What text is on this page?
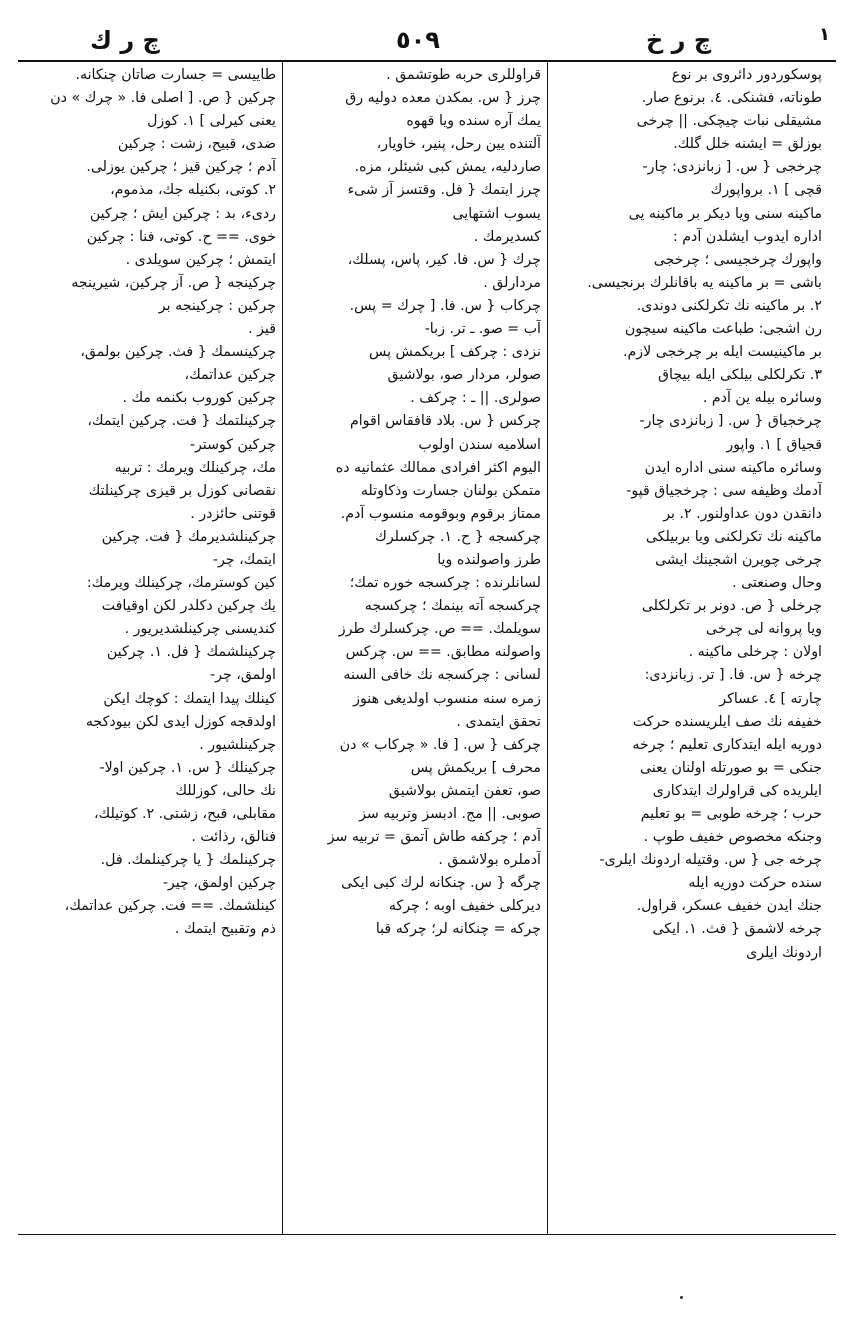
چ ر ك	٥٠٩	چ ر خ	١
پوسکوردور دائروی بر نوع
طوناته، فشنکی. ٤. برنوع صار.
مشیقلی نبات چیچکی. || چرخی
بوزلق = ایشنه خلل گلك.
چرخجی { س. [ زبانزدی: چار-
قچی ] ١. برواپورك
ماکینه سنی ویا دیکر بر ماکینه یی
اداره ایدوب ایشلدن آدم :
واپورك چرخجیسی ؛ چرخجی
باشی = بر ماکینه یه باقانلرك برنجیسی.
٢. بر ماکینه نك تکرلکنی دوندی.
رن اشجی: طباعت ماکینه سیچون
بر ماکینیست ایله بر چرخجی لازم.
٣. تکرلکلی بیلکی ایله بیچاق
وسائره بیله ین آدم .
چرخجیاق { س. [ زبانزدی چار-
قجیاق ] ١. واپور
وسائره ماکینه سنی اداره ایدن
آدمك وظیفه سی : چرخجیاق قپو-
دانقدن دون عداولنور. ٢. بر
ماکینه نك تکرلکنی ویا بربیلکی
چرخی چویرن اشجینك ایشی
وحال وصنعتی .
چرخلی { ص. دونر بر تکرلکلی
ویا پروانه لی چرخی
اولان : چرخلی ماکینه .
چرخه { س. فا. [ تر. زبانزدی:
چارته ] ٤. عساکر
خفیفه نك صف ایلریسنده حرکت
دوریه ایله ایتدکاری تعلیم ؛ چرخه
جنکی = بو صورتله اولنان یعنی
ایلریده کی قراولرك ایتدکاری
حرب ؛ چرخه طوبی = بو تعلیم
وجنکه مخصوص خفیف طوپ .
چرخه جی { س. وقتیله اردونك ایلری-
سنده حرکت دوریه ایله
جنك ایدن خفیف عسکر، قراول.
چرخه لاشمق { فث. ١. ایکی
اردونك ایلری
قراوللری حربه طوتشمق .
چرز { س. بمکدن معده دولیه رق
یمك آره سنده ویا قهوه
آلتنده یین رحل، پنیر، خاویار،
صاردلیه، یمش کبی شیئلر، مزه.
چرز ایتمك { فل. وقتسز آز شیء
یسوب اشتهایی
کسدیرمك .
چرك { س. فا. کیر، پاس، پسلك،
مردارلق .
چرکاب { س. فا. [ چرك = پس.
آب = صو. ـ تر. زبا-
نزدی : چرکف ] بریکمش پس
صولر، مردار صو، بولاشیق
صولری. || ـ : چرکف .
چرکس { س. بلاد قافقاس اقوام
اسلامیه سندن اولوب
الیوم اکثر افرادی ممالك عثمانیه ده
متمکن بولنان جسارت وذکاوتله
ممتاز برقوم وبوقومه منسوب آدم.
چرکسجه { ح. ١. چرکسلرك
طرز واصولنده ویا
لسانلرنده : چرکسجه خوره تمك؛
چرکسجه آته بینمك ؛ چرکسجه
سویلمك. == ص. چرکسلرك طرز
واصولنه مطابق. == س. چرکس
لسانی : چرکسجه نك خافی السنه
زمره سنه منسوب اولدیغی هنوز
تحقق ایتمدی .
چرکف { س. [ فا. « چرکاب » دن
محرف ] بریکمش پس
صو، تعفن ایتمش بولاشیق
صوبی. || مج. ادبسز وتربیه سز
آدم ؛ چرکفه طاش آتمق = تربیه سز
آدملره بولاشمق .
چرگه { س. چنکانه لرك کبی ایکی
دیرکلی خفیف اوبه ؛ چرکه
چرکه = چنکانه لر؛ چرکه قبا
طاییسی = جسارت صاتان چنکانه.
چرکین { ص. [ اصلی فا. « چرك » دن
یعنی کیرلی ] ١. کوزل
ضدی، قبیح، زشت : چرکین
آدم ؛ چرکین قیز ؛ چرکین یوزلی.
٢. کوتی، بکنیله جك، مذموم،
ردیء، بد : چرکین ایش ؛ چرکین
خوی. == ح. کوتی، فنا : چرکین
ایتمش ؛ چرکین سویلدی .
چرکینجه { ص. آز چرکین، شیرینجه
چرکین : چرکینجه بر
قیز .
چرکینسمك { فث. چرکین بولمق،
چرکین عداتمك،
چرکین کوروب بکنمه مك .
چرکینلتمك { فت. چرکین ایتمك،
چرکین کوستر-
مك، چرکینلك ویرمك : تربیه
نقصانی کوزل بر قیزی چرکینلتك
قوتنی حائزدر .
چرکینلشدیرمك { فت. چرکین
ایتمك، چر-
کین کوسترمك، چرکینلك ویرمك:
یك چرکین دکلدر لکن اوقیافت
کندیسنی چرکینلشدیریور .
چرکینلشمك { فل. ١. چرکین
اولمق، چر-
کینلك پیدا ایتمك : کوچك ایکن
اولدقجه کوزل ایدی لکن بیودکجه
چرکینلشیور .
چرکینلك { س. ١. چرکین اولا-
نك حالی، کوزللك
مقابلی، قبح، زشتی. ٢. کوتیلك،
فنالق، رذائت .
چرکینلمك { یا چرکینلمك. فل.
چرکین اولمق، چیر-
کینلشمك. == فت. چرکین عداتمك،
ذم وتقبیح ایتمك .
